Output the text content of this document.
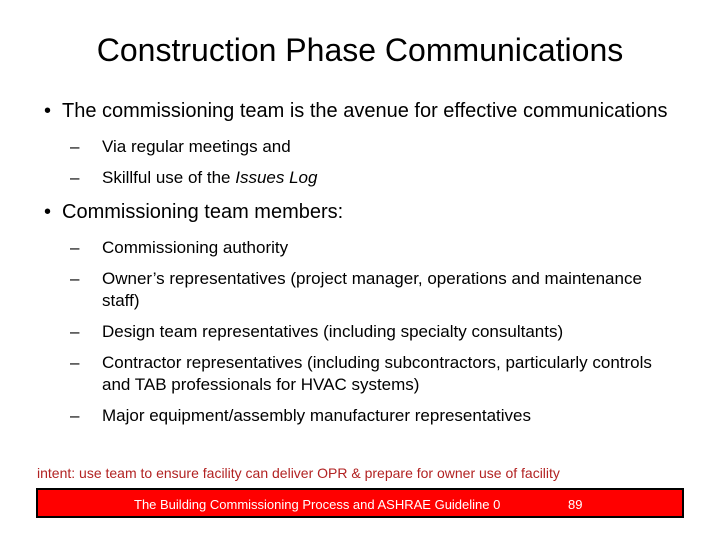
Construction Phase Communications
• The commissioning team is the avenue for effective communications
– Via regular meetings and
– Skillful use of the Issues Log
• Commissioning team members:
– Commissioning authority
– Owner’s representatives (project manager, operations and maintenance staff)
– Design team representatives (including specialty consultants)
– Contractor representatives (including subcontractors, particularly controls and TAB professionals for HVAC systems)
– Major equipment/assembly manufacturer representatives
intent: use team to ensure facility can deliver OPR & prepare for owner use of facility
The Building Commissioning Process and ASHRAE Guideline 0	89
